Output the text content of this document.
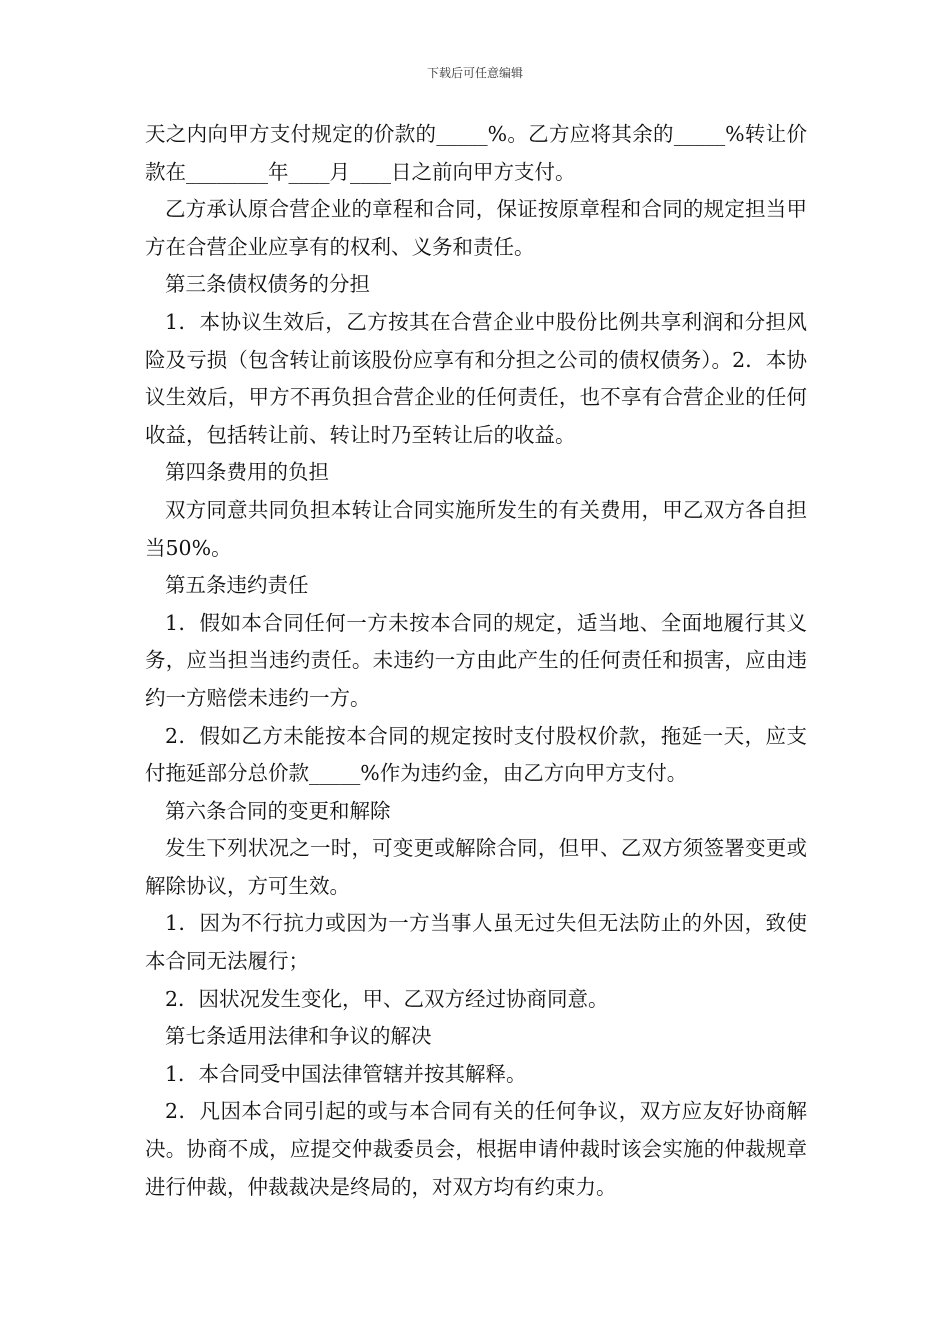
下载后可任意编辑

天之内向甲方支付规定的价款的_____%。乙方应将其余的_____%转让价款在________年____月____日之前向甲方支付。

乙方承认原合营企业的章程和合同，保证按原章程和合同的规定担当甲方在合营企业应享有的权利、义务和责任。

第三条债权债务的分担

1．本协议生效后，乙方按其在合营企业中股份比例共享利润和分担风险及亏损（包含转让前该股份应享有和分担之公司的债权债务）。2．本协议生效后，甲方不再负担合营企业的任何责任，也不享有合营企业的任何收益，包括转让前、转让时乃至转让后的收益。

第四条费用的负担

双方同意共同负担本转让合同实施所发生的有关费用，甲乙双方各自担当50%。

第五条违约责任

1．假如本合同任何一方未按本合同的规定，适当地、全面地履行其义务，应当担当违约责任。未违约一方由此产生的任何责任和损害，应由违约一方赔偿未违约一方。

2．假如乙方未能按本合同的规定按时支付股权价款，拖延一天，应支付拖延部分总价款_____%作为违约金，由乙方向甲方支付。

第六条合同的变更和解除

发生下列状况之一时，可变更或解除合同，但甲、乙双方须签署变更或解除协议，方可生效。

1．因为不行抗力或因为一方当事人虽无过失但无法防止的外因，致使本合同无法履行；

2．因状况发生变化，甲、乙双方经过协商同意。

第七条适用法律和争议的解决

1．本合同受中国法律管辖并按其解释。

2．凡因本合同引起的或与本合同有关的任何争议，双方应友好协商解决。协商不成，应提交仲裁委员会，根据申请仲裁时该会实施的仲裁规章进行仲裁，仲裁裁决是终局的，对双方均有约束力。
